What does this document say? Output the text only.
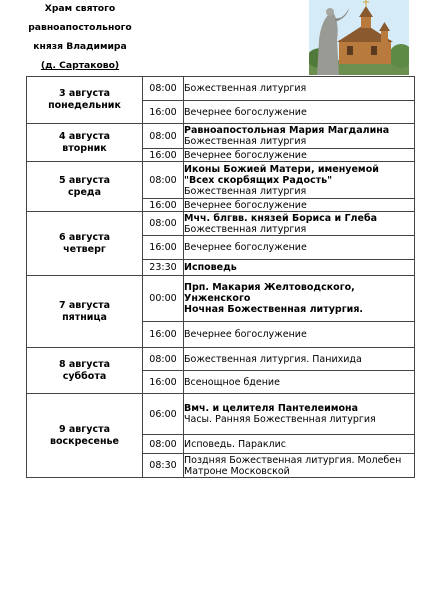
Храм святого
равноапостольного
князя Владимира
(д. Сартаково)
3 августа
понедельник	08:00	Божественная литургия

	16:00	Вечернее богослужение

4 августа
вторник	08:00	Равноапостольная Мария Магдалина
Божественная литургия

	16:00	Вечернее богослужение

5 августа
среда	08:00	Иконы Божией Матери, именуемой
"Всех скорбящих Радость"
Божественная литургия

	16:00	Вечернее богослужение

6 августа
четверг	08:00	Мчч. блгвв. князей Бориса и Глеба
Божественная литургия

	16:00	Вечернее богослужение

	23:30	Исповедь

7 августа
пятница	00:00	Прп. Макария Желтоводского,
Унженского
Ночная Божественная литургия.

	16:00	Вечернее богослужение

8 августа
суббота	08:00	Божественная литургия. Панихида

	16:00	Всенощное бдение

9 августа
воскресенье	06:00	Вмч. и целителя Пантелеимона
Часы. Ранняя Божественная литургия

	08:00	Исповедь. Параклис

	08:30	Поздняя Божественная литургия. Молебен
Матроне Московской
